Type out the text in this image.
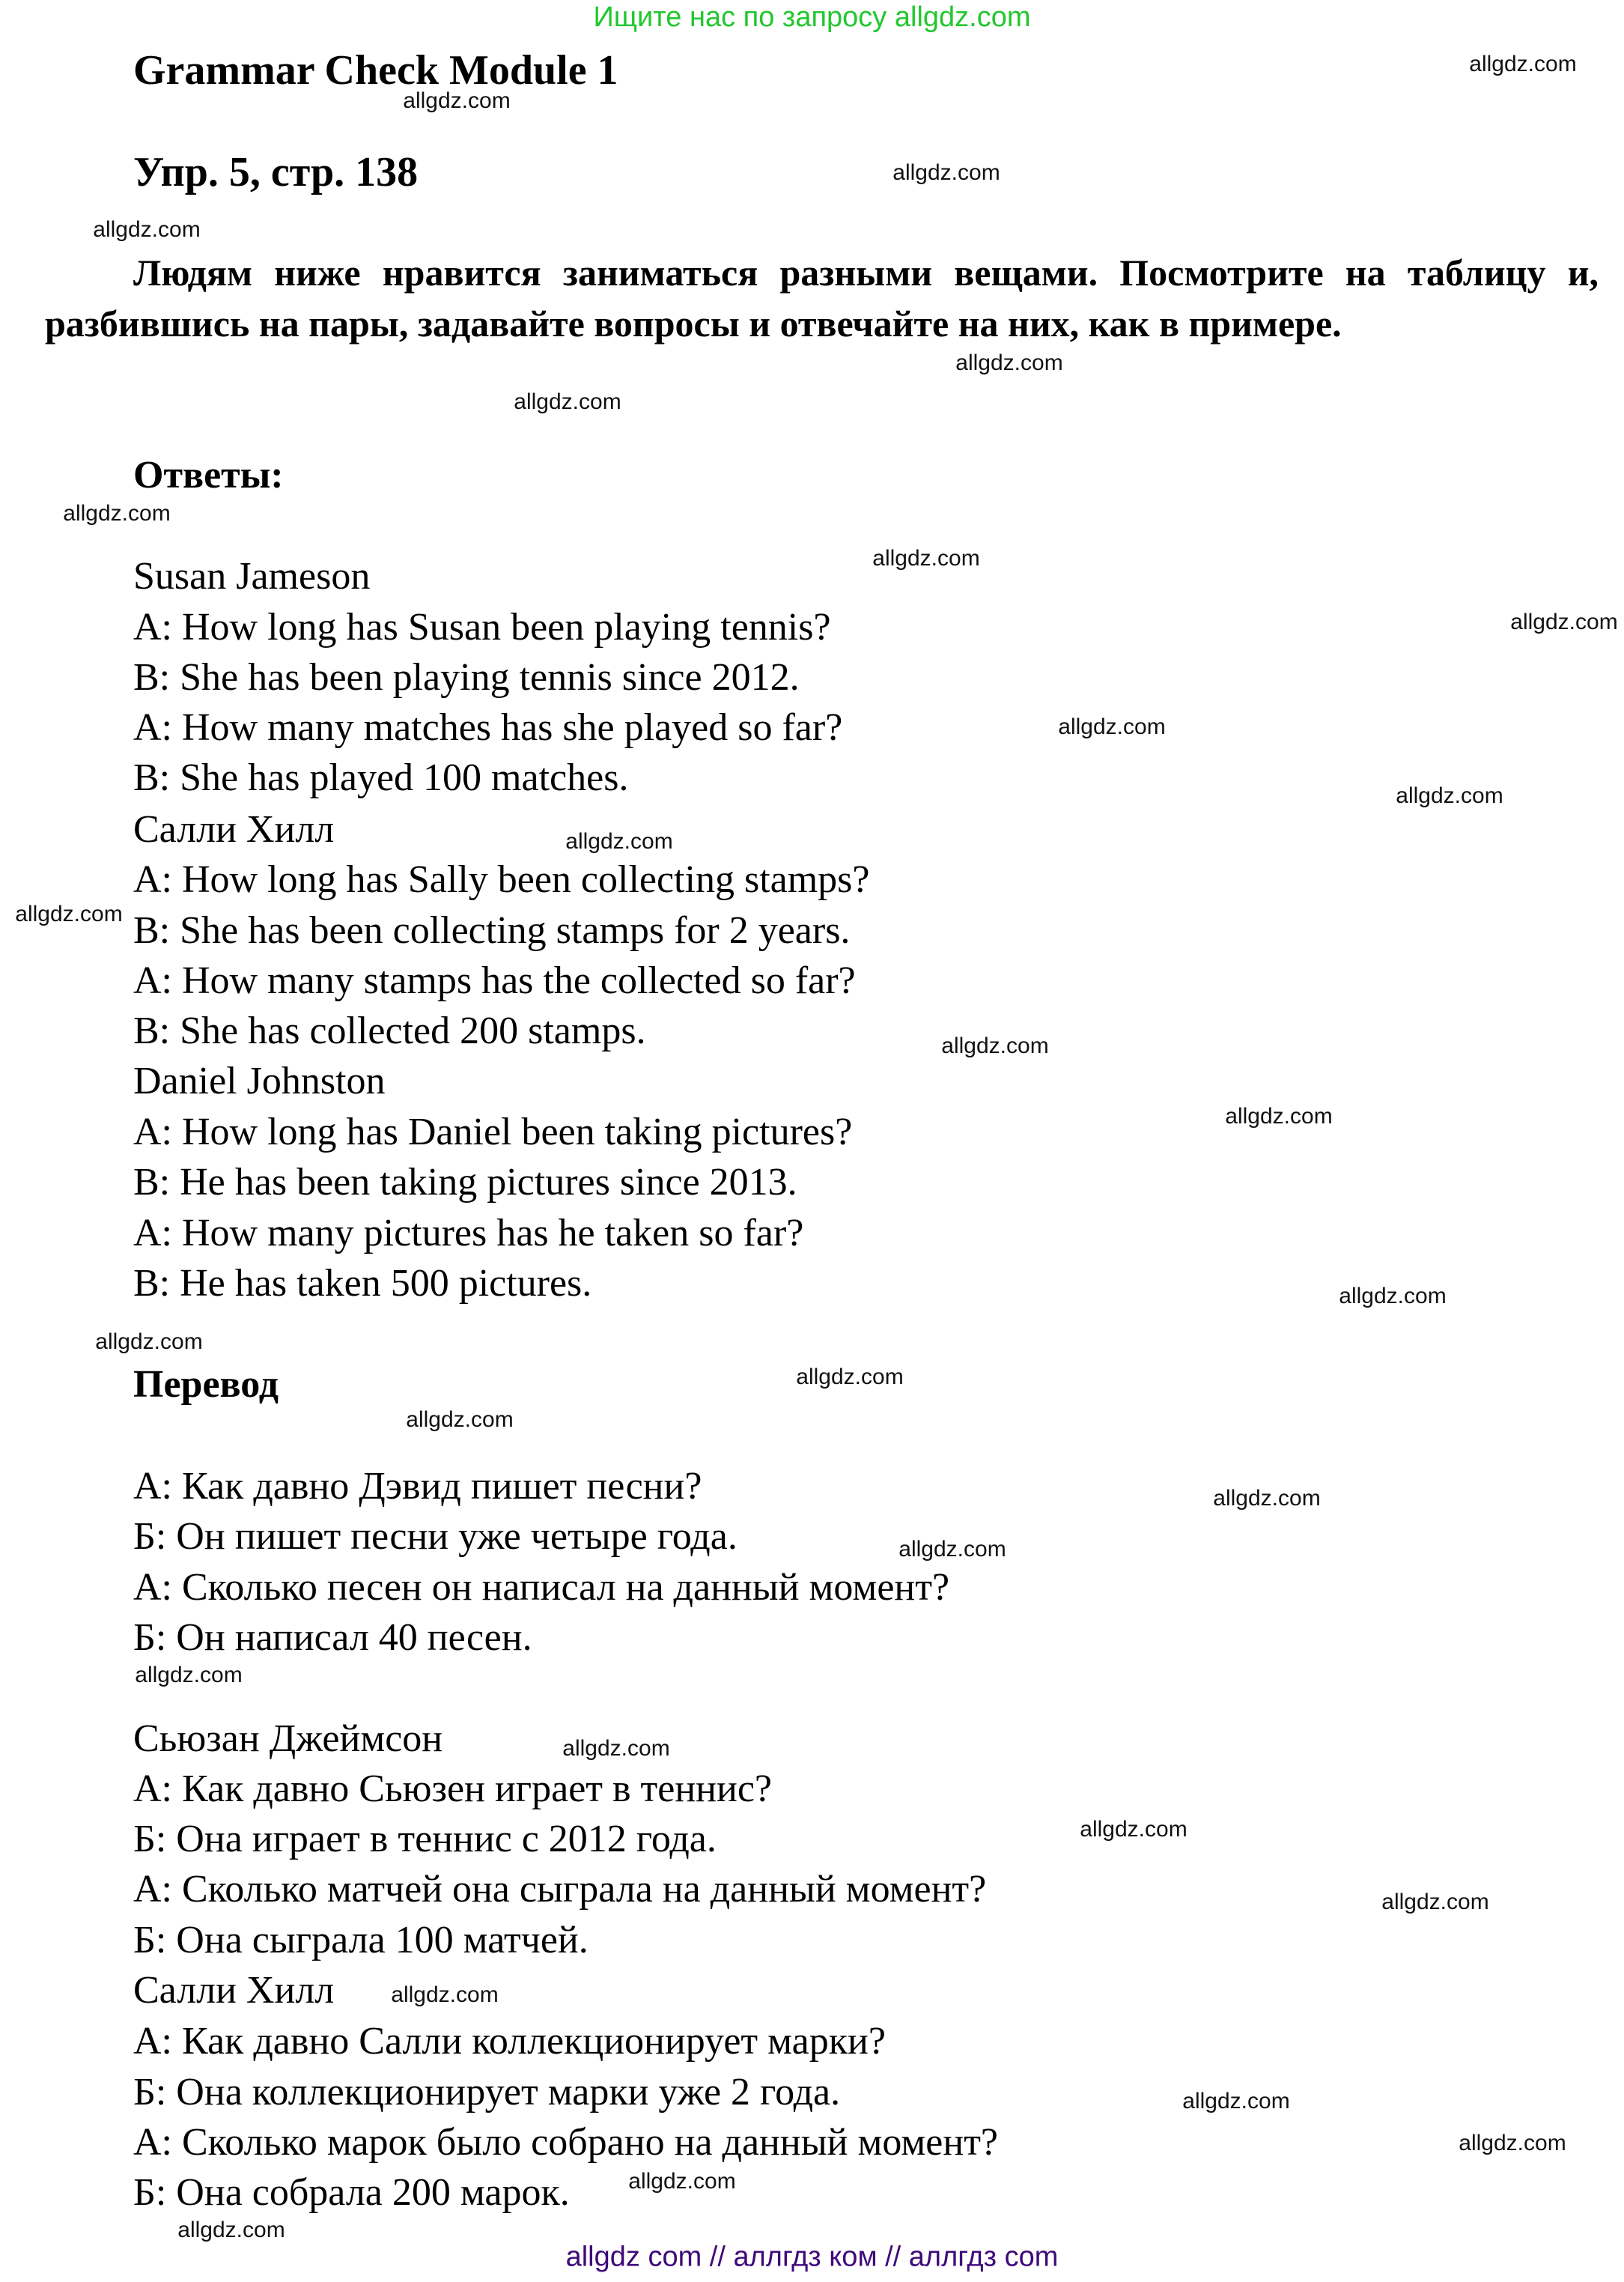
Ищите нас по запросу allgdz.com
Grammar Check Module 1
Упр. 5, стр. 138
Людям ниже нравится заниматься разными вещами. Посмотрите на таблицу и, разбившись на пары, задавайте вопросы и отвечайте на них, как в примере.
Ответы:
Susan Jameson
A: How long has Susan been playing tennis?
B: She has been playing tennis since 2012.
A: How many matches has she played so far?
B: She has played 100 matches.
Салли Хилл
A: How long has Sally been collecting stamps?
B: She has been collecting stamps for 2 years.
A: How many stamps has the collected so far?
B: She has collected 200 stamps.
Daniel Johnston
A: How long has Daniel been taking pictures?
B: He has been taking pictures since 2013.
A: How many pictures has he taken so far?
B: He has taken 500 pictures.
Перевод
А: Как давно Дэвид пишет песни?
Б: Он пишет песни уже четыре года.
А: Сколько песен он написал на данный момент?
Б: Он написал 40 песен.
Сьюзан Джеймсон
А: Как давно Сьюзен играет в теннис?
Б: Она играет в теннис с 2012 года.
А: Сколько матчей она сыграла на данный момент?
Б: Она сыграла 100 матчей.
Салли Хилл
А: Как давно Салли коллекционирует марки?
Б: Она коллекционирует марки уже 2 года.
А: Сколько марок было собрано на данный момент?
Б: Она собрала 200 марок.
allgdz.com
allgdz.com
allgdz.com
allgdz.com
allgdz.com
allgdz.com
allgdz.com
allgdz.com
allgdz.com
allgdz.com
allgdz.com
allgdz.com
allgdz.com
allgdz.com
allgdz.com
allgdz.com
allgdz.com
allgdz.com
allgdz.com
allgdz.com
allgdz.com
allgdz.com
allgdz.com
allgdz.com
allgdz.com
allgdz.com
allgdz.com
allgdz.com
allgdz.com
allgdz.com
allgdz com // аллгдз ком // аллгдз com
